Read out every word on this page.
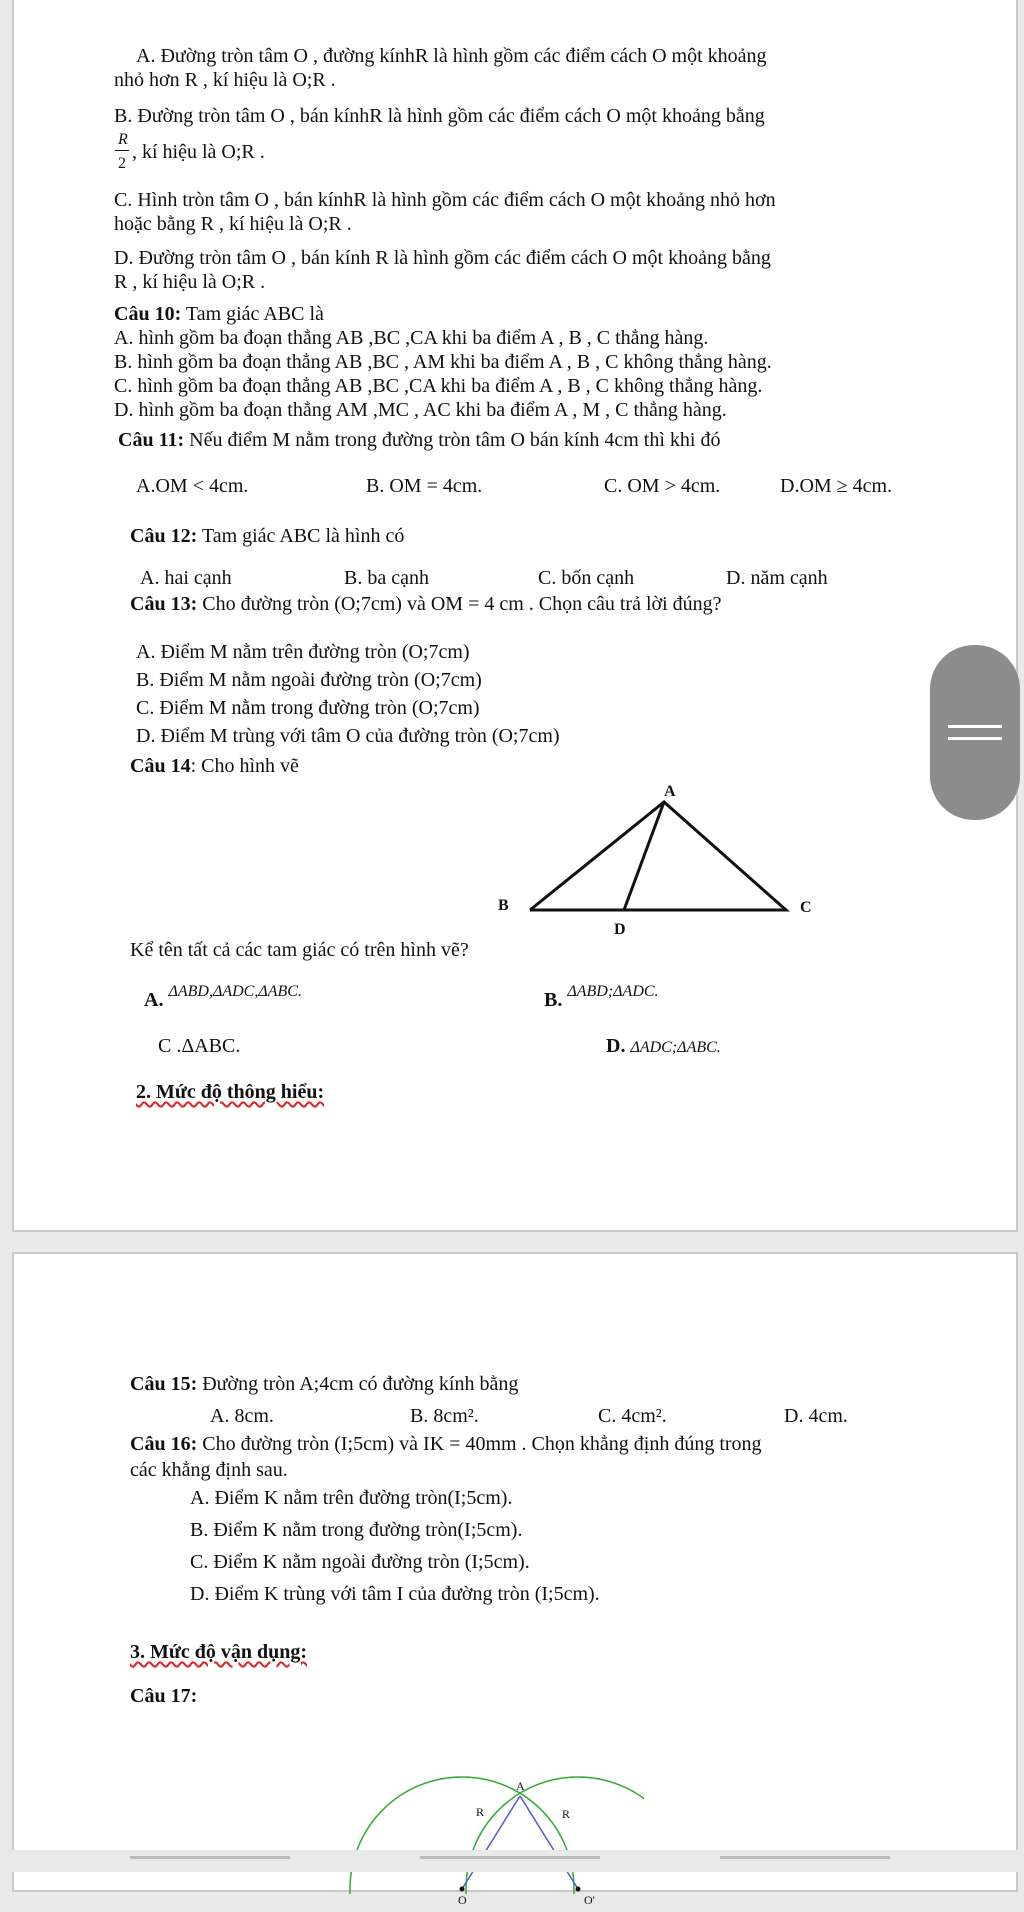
A. Đường tròn tâm O , đường kínhR là hình gồm các điểm cách O một khoảng
nhỏ hơn R , kí hiệu là O;R .
B. Đường tròn tâm O , bán kínhR là hình gồm các điểm cách O một khoảng bằng
R
2
, kí hiệu là O;R .
C. Hình tròn tâm O , bán kínhR là hình gồm các điểm cách O một khoảng nhỏ hơn
hoặc bằng R , kí hiệu là O;R .
D. Đường tròn tâm O , bán kính R là hình gồm các điểm cách O một khoảng bằng
R , kí hiệu là O;R .
Câu 10: Tam giác ABC là
A. hình gồm ba đoạn thẳng AB ,BC ,CA khi ba điểm A , B , C thẳng hàng.
B. hình gồm ba đoạn thẳng AB ,BC , AM khi ba điểm A , B , C không thẳng hàng.
C. hình gồm ba đoạn thẳng AB ,BC ,CA khi ba điểm A , B , C không thẳng hàng.
D. hình gồm ba đoạn thẳng AM ,MC , AC khi ba điểm A , M , C thẳng hàng.
Câu 11: Nếu điểm M nằm trong đường tròn tâm O bán kính 4cm thì khi đó
A.OM < 4cm.	B. OM = 4cm.	C. OM > 4cm.	D.OM ≥ 4cm.
Câu 12: Tam giác ABC là hình có
A. hai cạnh	B. ba cạnh	C. bốn cạnh	D. năm cạnh
Câu 13: Cho đường tròn (O;7cm) và OM = 4 cm . Chọn câu trả lời đúng?
A. Điểm M nằm trên đường tròn (O;7cm)
B. Điểm M nằm ngoài đường tròn (O;7cm)
C. Điểm M nằm trong đường tròn (O;7cm)
D. Điểm M trùng với tâm O của đường tròn (O;7cm)
Câu 14: Cho hình vẽ
A
B	C
D
Kể tên tất cả các tam giác có trên hình vẽ?
A. $^{\Delta ABD,\Delta ADC,\Delta ABC.}$	B. $^{\Delta ABD;\Delta ADC.}$
C .ΔABC.	D. ΔADC;ΔABC.
2. Mức độ thông hiểu:
Câu 15: Đường tròn A;4cm có đường kính bằng
A. 8cm.	B. 8cm².	C. 4cm².	D. 4cm.
Câu 16: Cho đường tròn (I;5cm) và IK = 40mm . Chọn khẳng định đúng trong
các khẳng định sau.
A. Điểm K nằm trên đường tròn(I;5cm).
B. Điểm K nằm trong đường tròn(I;5cm).
C. Điểm K nằm ngoài đường tròn (I;5cm).
D. Điểm K trùng với tâm I của đường tròn (I;5cm).
3. Mức độ vận dụng:
Câu 17:
A
R	R
O	O'
